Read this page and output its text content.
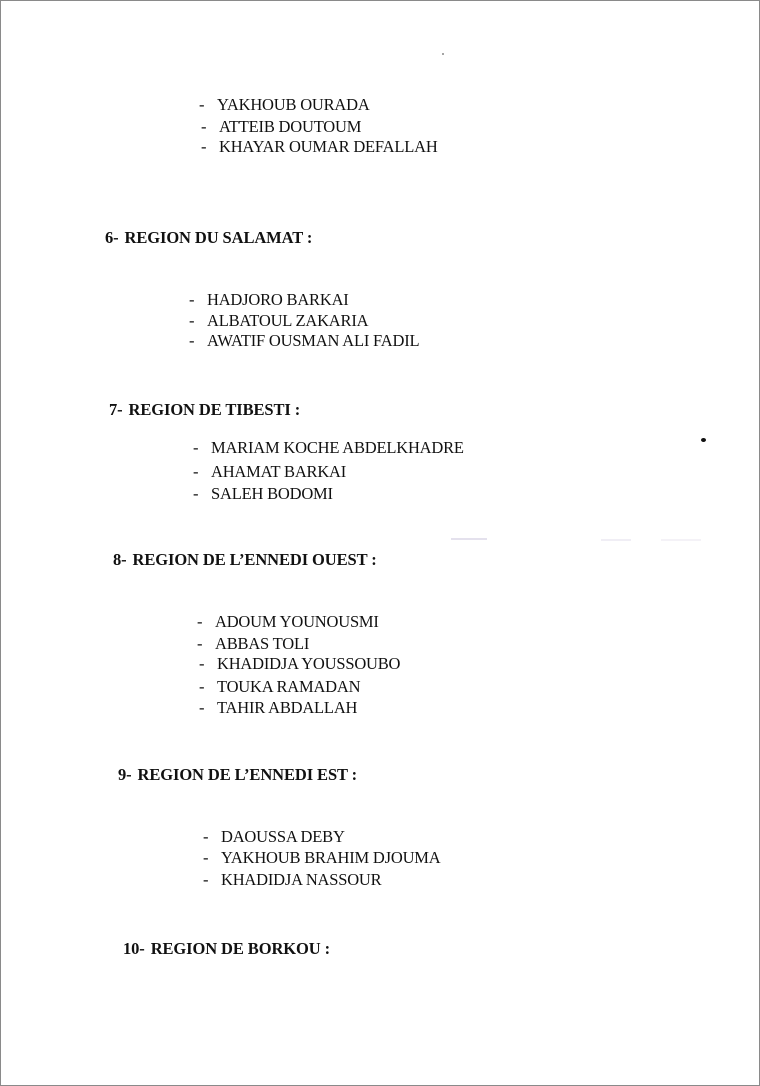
- YAKHOUB OURADA
- ATTEIB DOUTOUM
- KHAYAR OUMAR DEFALLAH
6- REGION DU SALAMAT :
- HADJORO BARKAI
- ALBATOUL ZAKARIA
- AWATIF OUSMAN ALI FADIL
7- REGION DE TIBESTI :
- MARIAM KOCHE ABDELKHADRE
- AHAMAT BARKAI
- SALEH BODOMI
8- REGION DE L’ENNEDI OUEST :
- ADOUM YOUNOUSMI
- ABBAS TOLI
- KHADIDJA YOUSSOUBO
- TOUKA RAMADAN
- TAHIR ABDALLAH
9- REGION DE L’ENNEDI EST :
- DAOUSSA DEBY
- YAKHOUB BRAHIM DJOUMA
- KHADIDJA NASSOUR
10- REGION DE BORKOU :
